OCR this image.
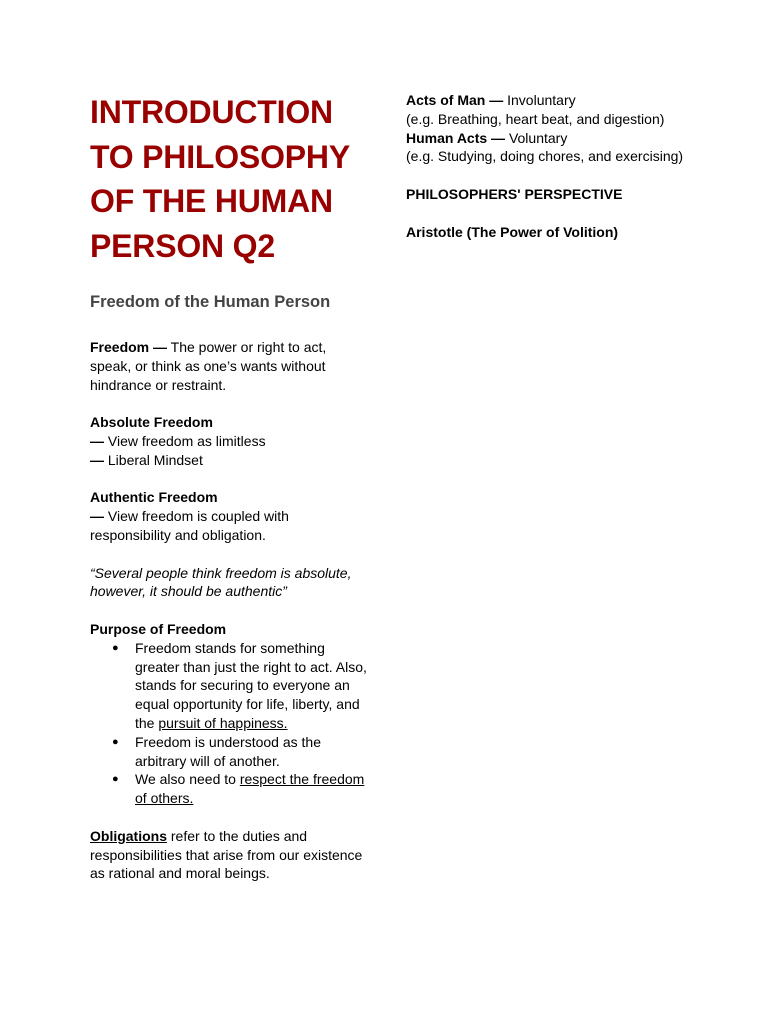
INTRODUCTION
TO PHILOSOPHY
OF THE HUMAN
PERSON Q2
Freedom of the Human Person

Freedom — The power or right to act, speak, or think as one’s wants without hindrance or restraint.

Absolute Freedom
— View freedom as limitless
— Liberal Mindset
Authentic Freedom
— View freedom is coupled with responsibility and obligation.

“Several people think freedom is absolute, however, it should be authentic”

Purpose of Freedom
● Freedom stands for something greater than just the right to act. Also, stands for securing to everyone an equal opportunity for life, liberty, and the pursuit of happiness.
● Freedom is understood as the arbitrary will of another.
● We also need to respect the freedom of others.

Obligations refer to the duties and responsibilities that arise from our existence as rational and moral beings.

Acts of Man — Involuntary
(e.g. Breathing, heart beat, and digestion)
Human Acts — Voluntary
(e.g. Studying, doing chores, and exercising)

PHILOSOPHERS' PERSPECTIVE

Aristotle (The Power of Volition)
